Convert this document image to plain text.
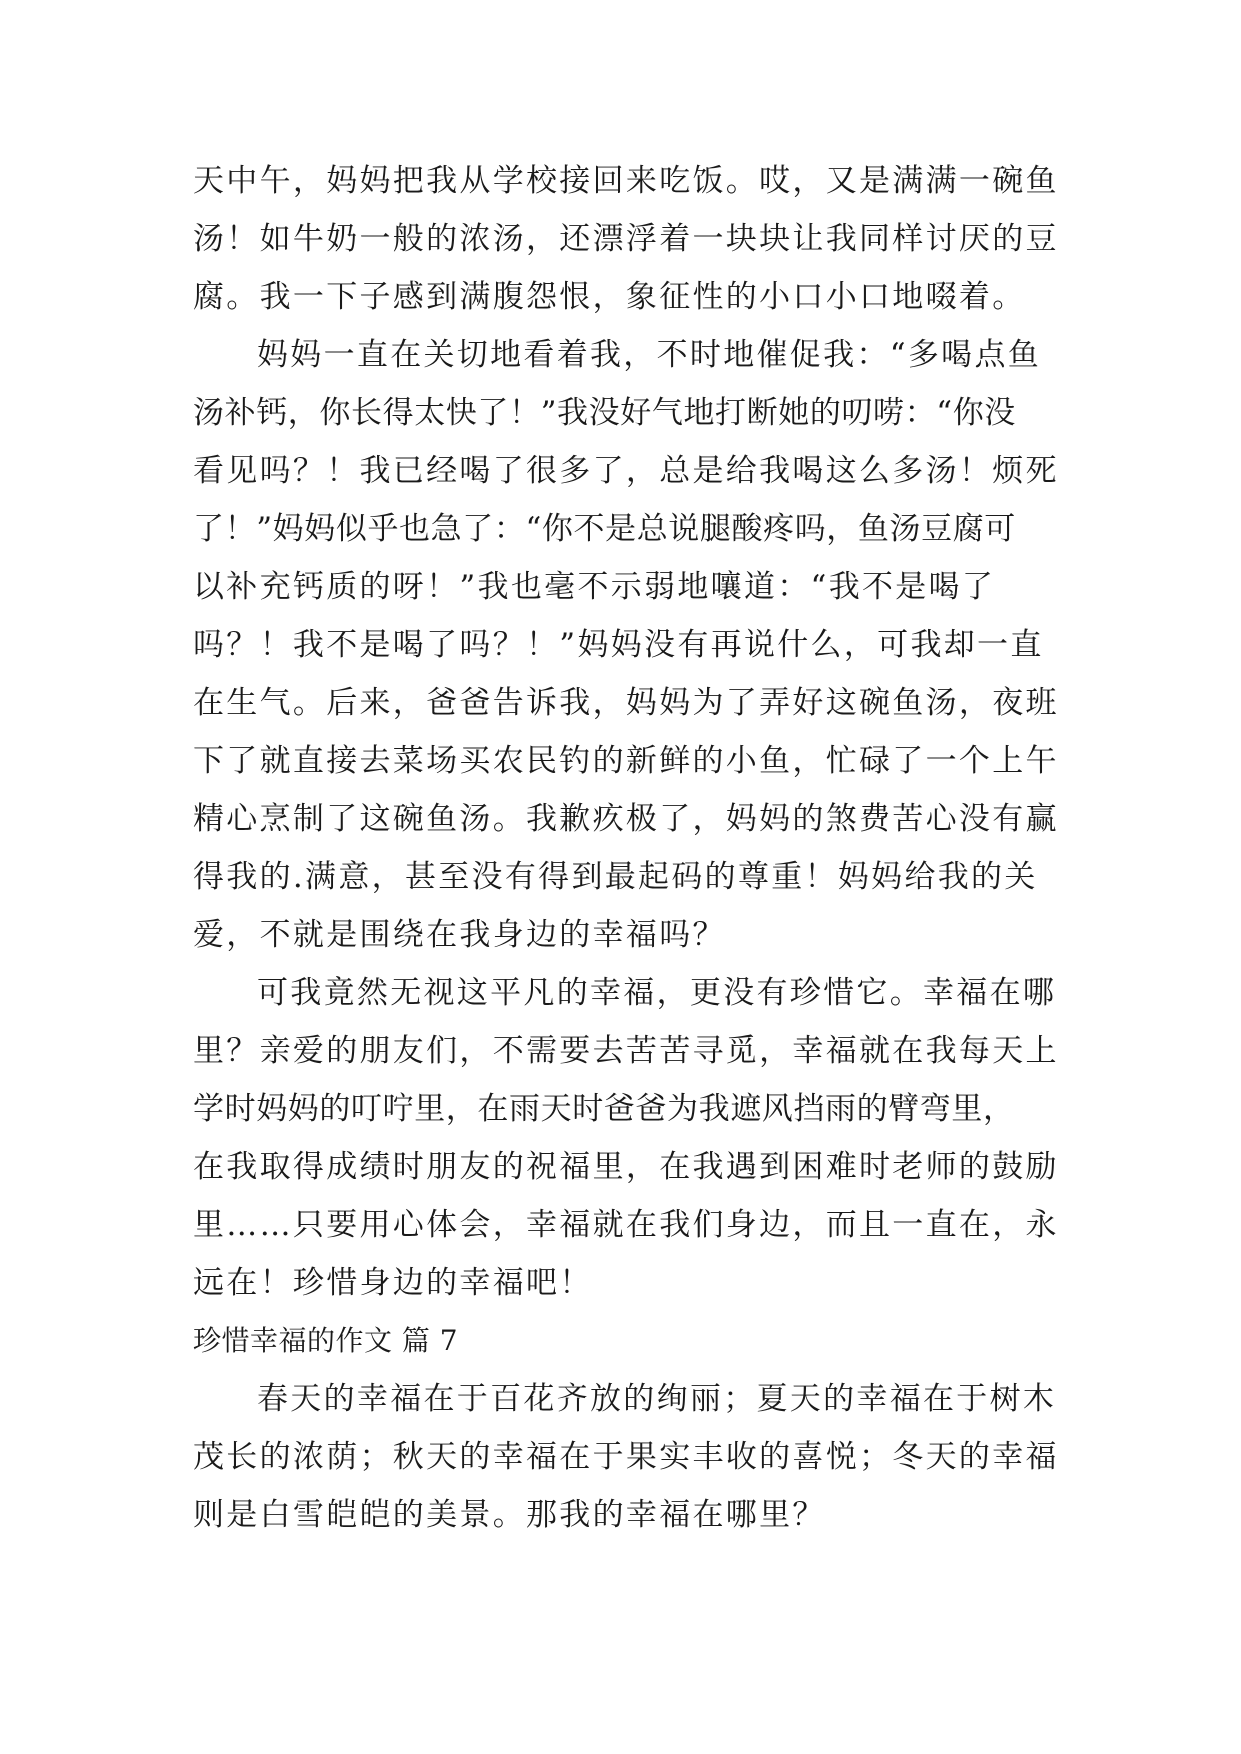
天中午，妈妈把我从学校接回来吃饭。哎，又是满满一碗鱼
汤！如牛奶一般的浓汤，还漂浮着一块块让我同样讨厌的豆
腐。我一下子感到满腹怨恨，象征性的小口小口地啜着。
妈妈一直在关切地看着我，不时地催促我：“多喝点鱼
汤补钙，你长得太快了！”我没好气地打断她的叨唠：“你没
看见吗？！我已经喝了很多了，总是给我喝这么多汤！烦死
了！”妈妈似乎也急了：“你不是总说腿酸疼吗，鱼汤豆腐可
以补充钙质的呀！”我也毫不示弱地嚷道：“我不是喝了
吗？！我不是喝了吗？！”妈妈没有再说什么，可我却一直
在生气。后来，爸爸告诉我，妈妈为了弄好这碗鱼汤，夜班
下了就直接去菜场买农民钓的新鲜的小鱼，忙碌了一个上午
精心烹制了这碗鱼汤。我歉疚极了，妈妈的煞费苦心没有赢
得我的.满意，甚至没有得到最起码的尊重！妈妈给我的关
爱，不就是围绕在我身边的幸福吗？
可我竟然无视这平凡的幸福，更没有珍惜它。幸福在哪
里？亲爱的朋友们，不需要去苦苦寻觅，幸福就在我每天上
学时妈妈的叮咛里，在雨天时爸爸为我遮风挡雨的臂弯里，
在我取得成绩时朋友的祝福里，在我遇到困难时老师的鼓励
里……只要用心体会，幸福就在我们身边，而且一直在，永
远在！珍惜身边的幸福吧！
珍惜幸福的作文 篇 7
春天的幸福在于百花齐放的绚丽；夏天的幸福在于树木
茂长的浓荫；秋天的幸福在于果实丰收的喜悦；冬天的幸福
则是白雪皑皑的美景。那我的幸福在哪里？
